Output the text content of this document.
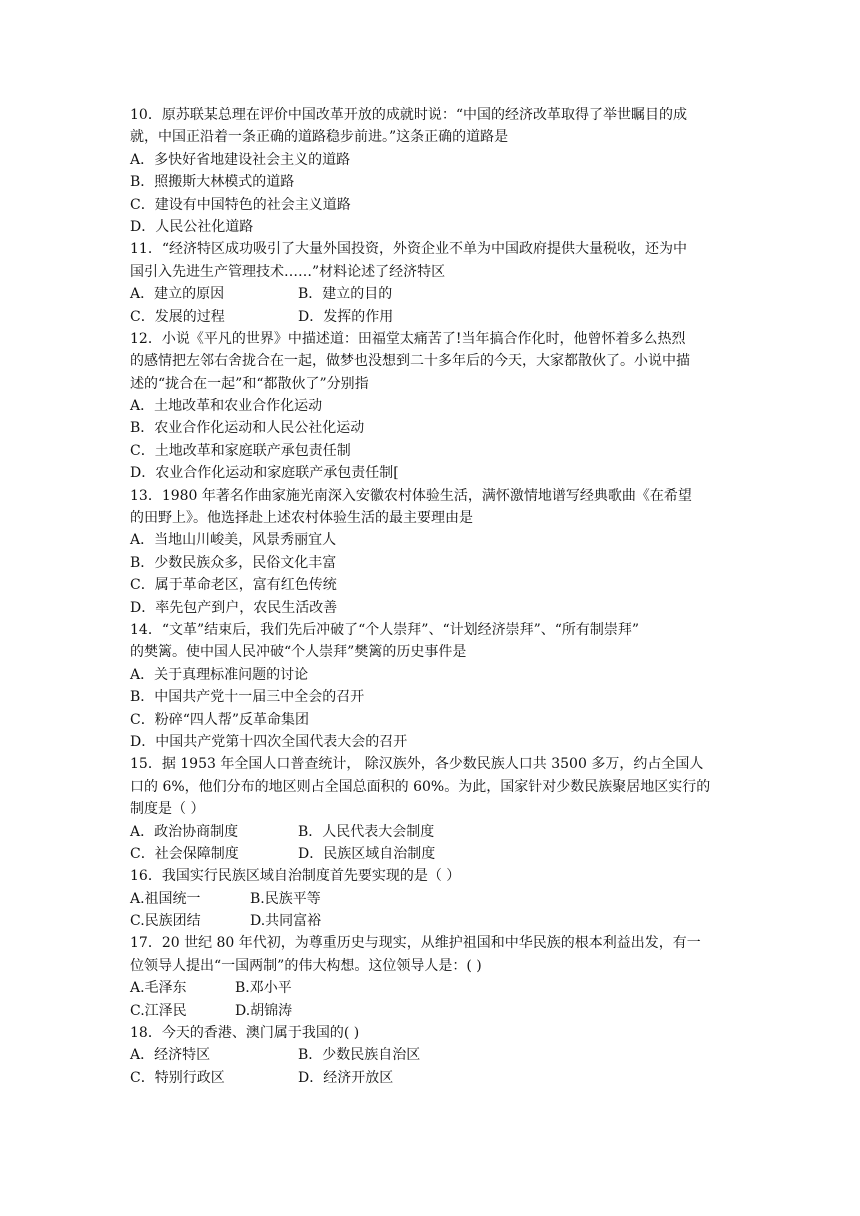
10．原苏联某总理在评价中国改革开放的成就时说：“中国的经济改革取得了举世瞩目的成
就，中国正沿着一条正确的道路稳步前进。”这条正确的道路是
A．多快好省地建设社会主义的道路
B．照搬斯大林模式的道路
C．建设有中国特色的社会主义道路
D．人民公社化道路
11．“经济特区成功吸引了大量外国投资，外资企业不单为中国政府提供大量税收，还为中
国引入先进生产管理技术……”材料论述了经济特区
A．建立的原因	B．建立的目的
C．发展的过程	D．发挥的作用
12．小说《平凡的世界》中描述道：田福堂太痛苦了!当年搞合作化时，他曾怀着多么热烈
的感情把左邻右舍拢合在一起，做梦也没想到二十多年后的今天，大家都散伙了。小说中描
述的“拢合在一起”和“都散伙了”分别指
A．土地改革和农业合作化运动
B．农业合作化运动和人民公社化运动
C．土地改革和家庭联产承包责任制
D．农业合作化运动和家庭联产承包责任制[
13．1980 年著名作曲家施光南深入安徽农村体验生活，满怀激情地谱写经典歌曲《在希望
的田野上》。他选择赴上述农村体验生活的最主要理由是
A．当地山川峻美，风景秀丽宜人
B．少数民族众多，民俗文化丰富
C．属于革命老区，富有红色传统
D．率先包产到户，农民生活改善
14．“文革”结束后，我们先后冲破了“个人崇拜”、“计划经济崇拜”、“所有制崇拜”
的樊篱。使中国人民冲破“个人崇拜”樊篱的历史事件是
A．关于真理标准问题的讨论
B．中国共产党十一届三中全会的召开
C．粉碎“四人帮”反革命集团
D．中国共产党第十四次全国代表大会的召开
15．据 1953 年全国人口普查统计， 除汉族外，各少数民族人口共 3500 多万，约占全国人
口的 6%，他们分布的地区则占全国总面积的 60%。为此，国家针对少数民族聚居地区实行的
制度是（ ）
A．政治协商制度	B．人民代表大会制度
C．社会保障制度	D．民族区域自治制度
16．我国实行民族区域自治制度首先要实现的是（ ）
A.祖国统一	B.民族平等
C.民族团结	D.共同富裕
17．20 世纪 80 年代初，为尊重历史与现实，从维护祖国和中华民族的根本利益出发，有一
位领导人提出“一国两制”的伟大构想。这位领导人是：( )
A.毛泽东	B.邓小平
C.江泽民	D.胡锦涛
18．今天的香港、澳门属于我国的( )
A．经济特区	B．少数民族自治区
C．特别行政区	D．经济开放区
